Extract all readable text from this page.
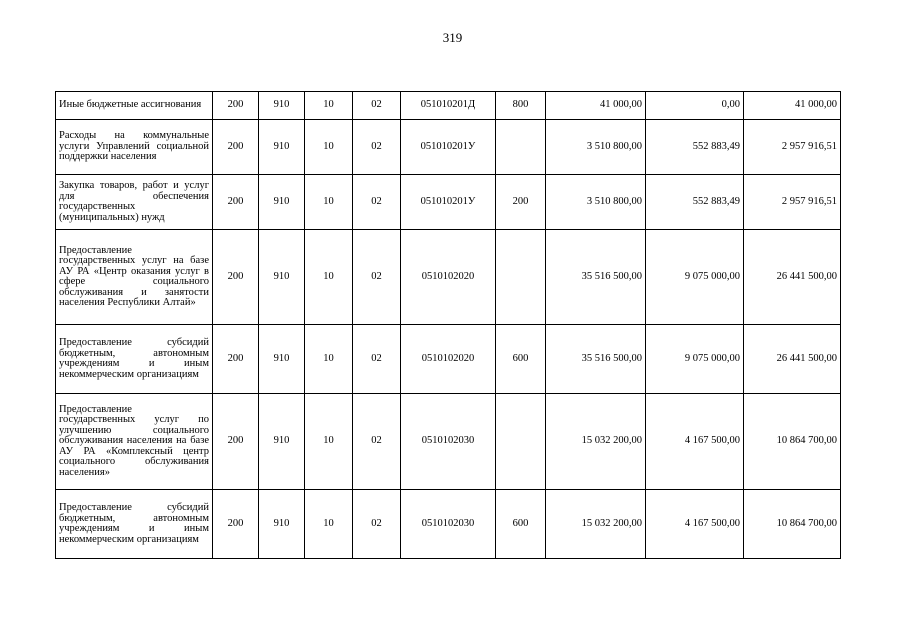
319
Иные бюджетные ассигнования	200	910	10	02	051010201Д	800	41 000,00	0,00	41 000,00
Расходы на коммунальные услуги Управлений социальной поддержки населения	200	910	10	02	051010201У		3 510 800,00	552 883,49	2 957 916,51
Закупка товаров, работ и услуг для обеспечения государственных (муниципальных) нужд	200	910	10	02	051010201У	200	3 510 800,00	552 883,49	2 957 916,51
Предоставление государственных услуг на базе АУ РА «Центр оказания услуг в сфере социального обслуживания и занятости населения Республики Алтай»	200	910	10	02	0510102020		35 516 500,00	9 075 000,00	26 441 500,00
Предоставление субсидий бюджетным, автономным учреждениям и иным некоммерческим организациям	200	910	10	02	0510102020	600	35 516 500,00	9 075 000,00	26 441 500,00
Предоставление государственных услуг по улучшению социального обслуживания населения на базе АУ РА «Комплексный центр социального обслуживания населения»	200	910	10	02	0510102030		15 032 200,00	4 167 500,00	10 864 700,00
Предоставление субсидий бюджетным, автономным учреждениям и иным некоммерческим организациям	200	910	10	02	0510102030	600	15 032 200,00	4 167 500,00	10 864 700,00
